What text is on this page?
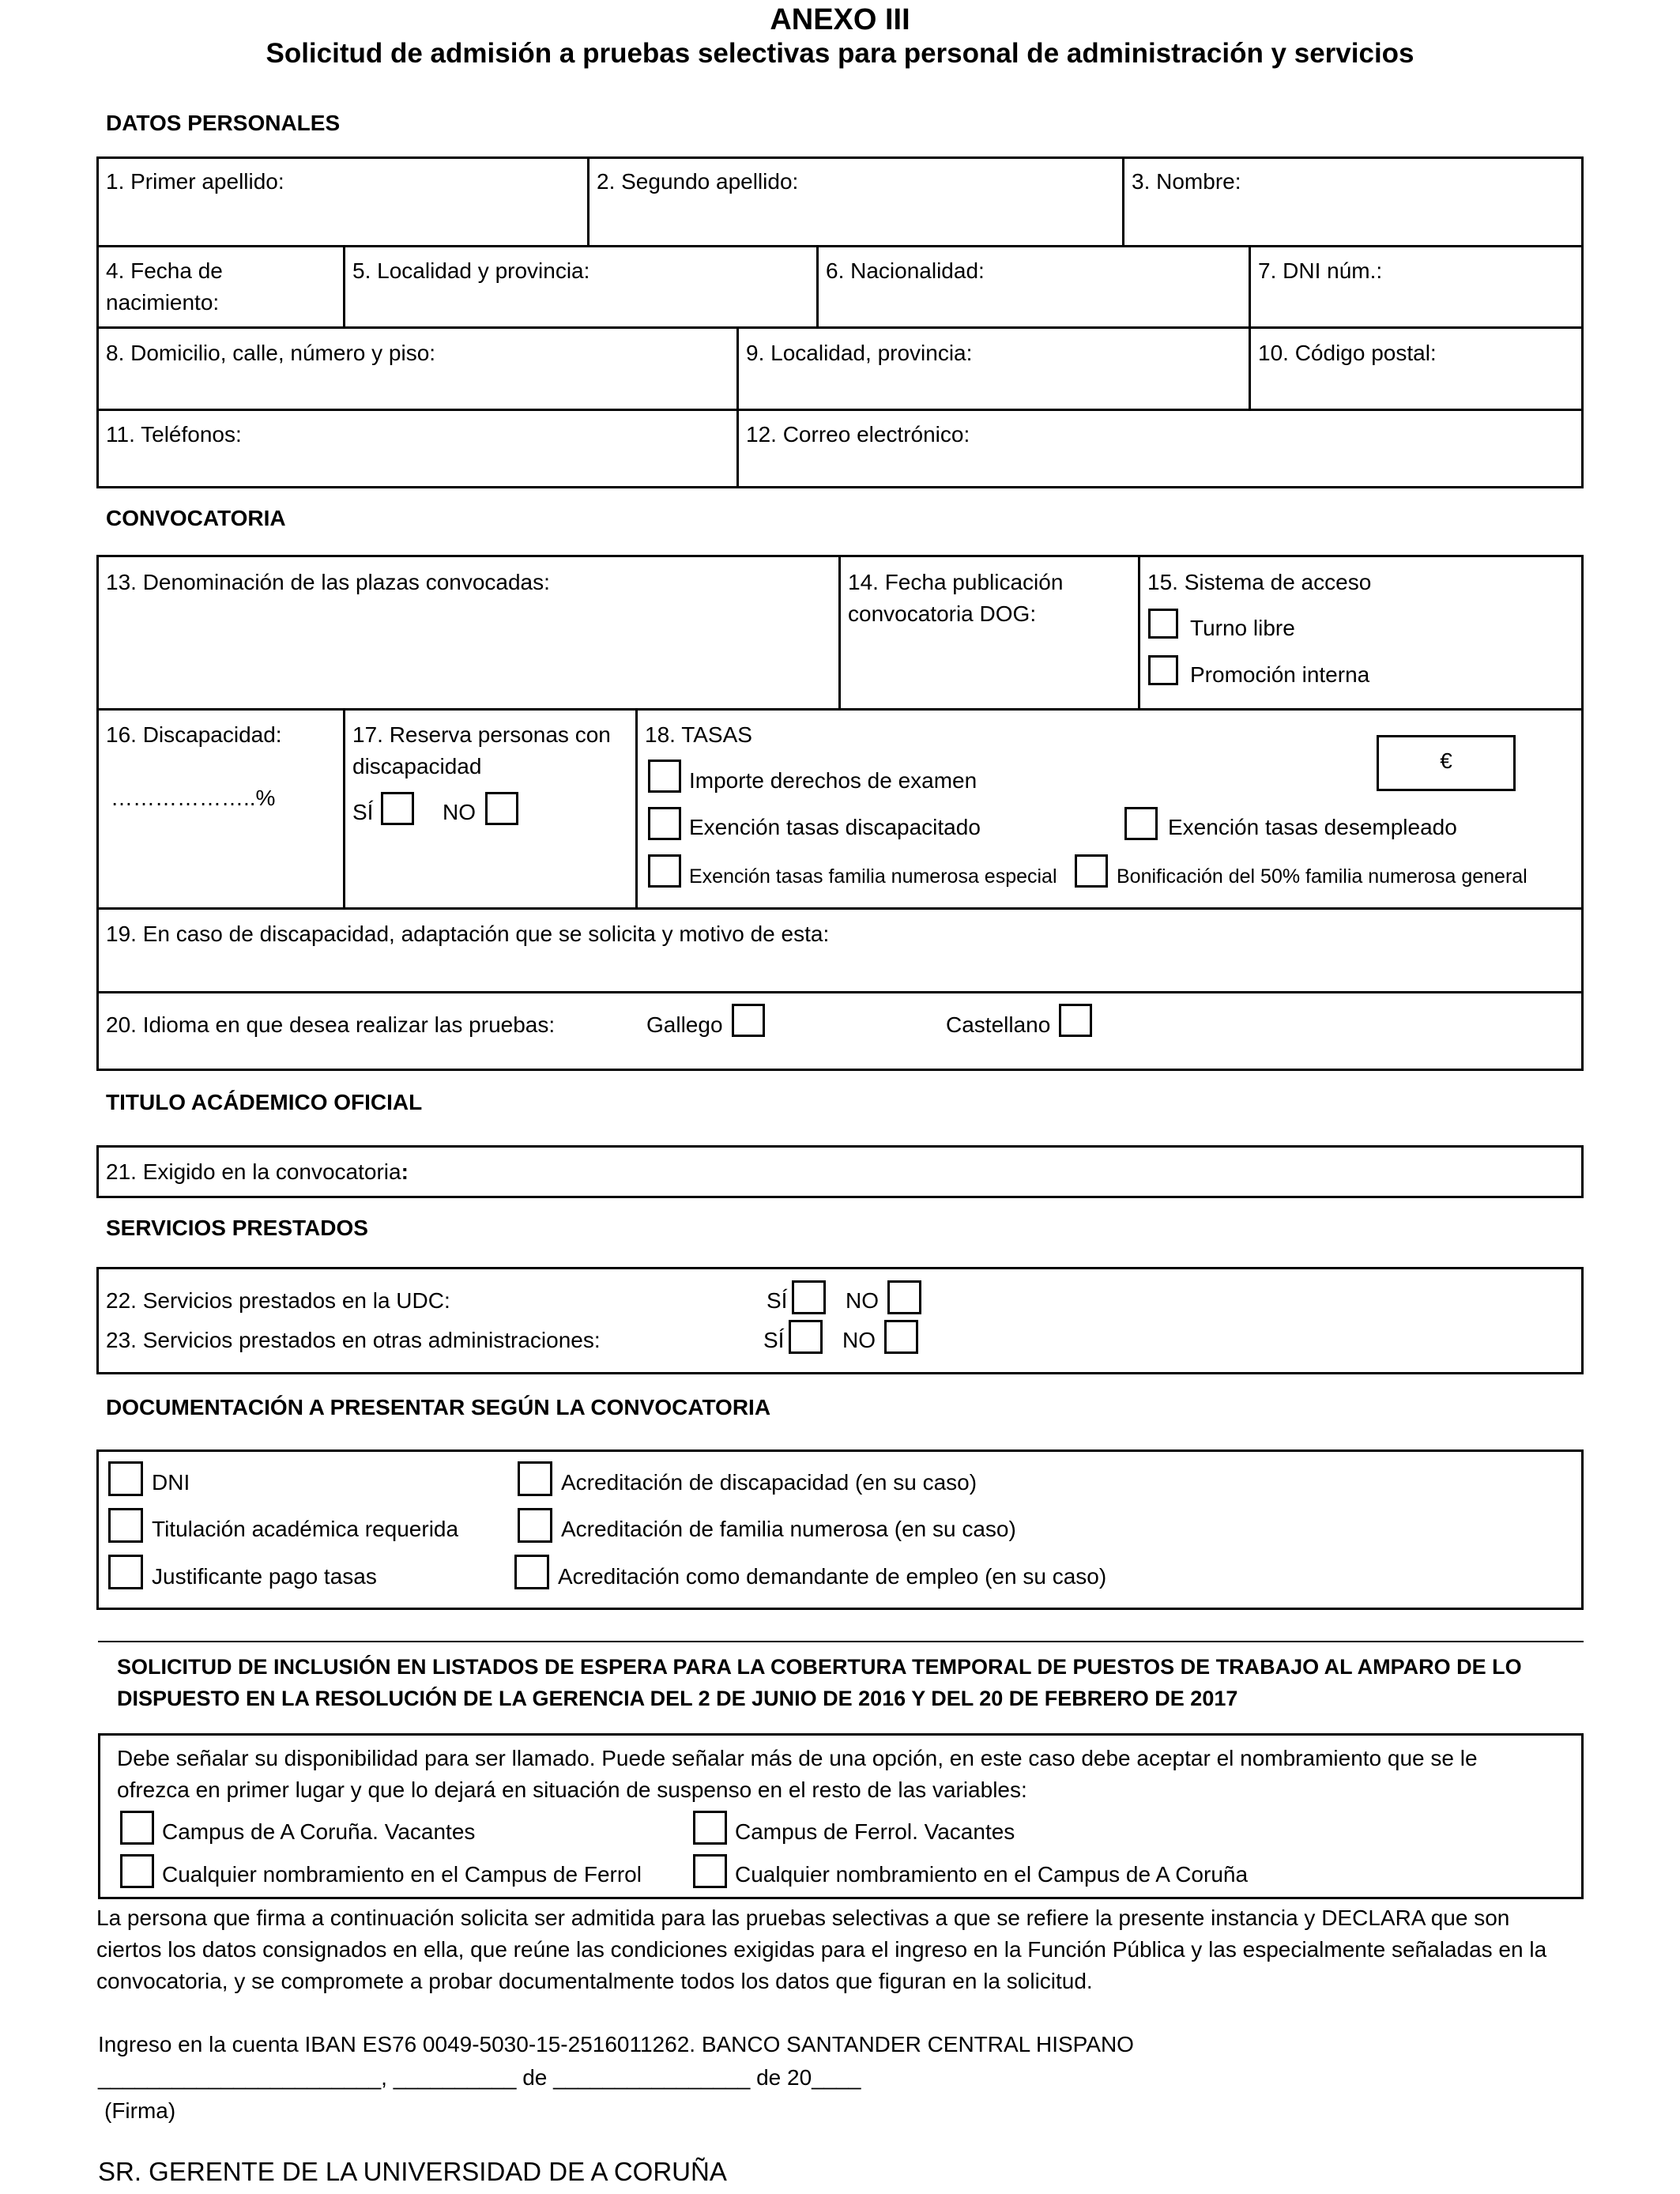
ANEXO III
Solicitud de admisión a pruebas selectivas para personal de administración y servicios
DATOS PERSONALES
1. Primer apellido:	2. Segundo apellido:	3. Nombre:
4. Fecha de
nacimiento:
5. Localidad y provincia:	6. Nacionalidad:	7. DNI núm.:
8. Domicilio, calle, número y piso:	9. Localidad, provincia:	10. Código postal:
11. Teléfonos:	12. Correo electrónico:
CONVOCATORIA
13. Denominación de las plazas convocadas:	14. Fecha publicación
convocatoria DOG:
15. Sistema de acceso
Turno libre
Promoción interna
16. Discapacidad:
………………..%
17. Reserva personas con
discapacidad
SÍ	NO
18. TASAS
€
Importe derechos de examen
Exención tasas discapacitado	Exención tasas desempleado
Exención tasas familia numerosa especial	Bonificación del 50% familia numerosa general
19. En caso de discapacidad, adaptación que se solicita y motivo de esta:
20. Idioma en que desea realizar las pruebas:	Gallego	Castellano
TITULO ACÁDEMICO OFICIAL
21. Exigido en la convocatoria:
SERVICIOS PRESTADOS
22. Servicios prestados en la UDC:	SÍ	NO
23. Servicios prestados en otras administraciones:	SÍ	NO
DOCUMENTACIÓN A PRESENTAR SEGÚN LA CONVOCATORIA
DNI
Titulación académica requerida
Justificante pago tasas
Acreditación de discapacidad (en su caso)
Acreditación de familia numerosa (en su caso)
Acreditación como demandante de empleo (en su caso)
SOLICITUD DE INCLUSIÓN EN LISTADOS DE ESPERA PARA LA COBERTURA TEMPORAL DE PUESTOS DE TRABAJO AL AMPARO DE LO
DISPUESTO EN LA RESOLUCIÓN DE LA GERENCIA DEL 2 DE JUNIO DE 2016 Y DEL 20 DE FEBRERO DE 2017
Debe señalar su disponibilidad para ser llamado. Puede señalar más de una opción, en este caso debe aceptar el nombramiento que se le
ofrezca en primer lugar y que lo dejará en situación de suspenso en el resto de las variables:
Campus de A Coruña. Vacantes	Campus de Ferrol. Vacantes
Cualquier nombramiento en el Campus de Ferrol	Cualquier nombramiento en el Campus de A Coruña
La persona que firma a continuación solicita ser admitida para las pruebas selectivas a que se refiere la presente instancia y DECLARA que son
ciertos los datos consignados en ella, que reúne las condiciones exigidas para el ingreso en la Función Pública y las especialmente señaladas en la
convocatoria, y se compromete a probar documentalmente todos los datos que figuran en la solicitud.
Ingreso en la cuenta IBAN ES76 0049-5030-15-2516011262. BANCO SANTANDER CENTRAL HISPANO
_______________________, __________ de ________________ de 20____
(Firma)
SR. GERENTE DE LA UNIVERSIDAD DE A CORUÑA
